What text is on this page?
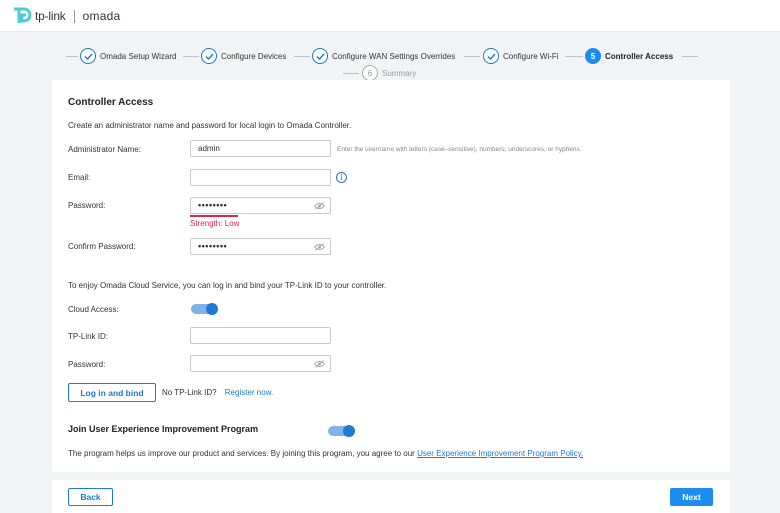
tp-link omada
Omada Setup Wizard	Configure Devices	Configure WAN Settings Overrides	Configure Wi-Fi	5	Controller Access
6	Summary
Controller Access
Create an administrator name and password for local login to Omada Controller.
Administrator Name:	admin	Enter the username with letters (case–sensitive), numbers, underscores, or hyphens.
Email:	i
Password:	••••••••
Strength: Low
Confirm Password:	••••••••
To enjoy Omada Cloud Service, you can log in and bind your TP-Link ID to your controller.
Cloud Access:
TP-Link ID:
Password:
Log in and bind	No TP-Link ID? Register now.
Join User Experience Improvement Program
The program helps us improve our product and services. By joining this program, you agree to our User Experience Improvement Program Policy.
Back	Next
